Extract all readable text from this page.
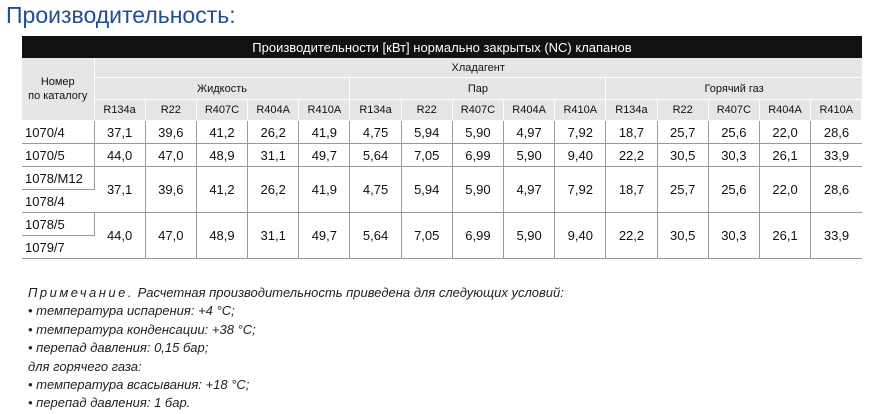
Производительность:
Производительности [кВт] нормально закрытых (NC) клапанов															
Номер
по каталогу	Хладагент														
	Жидкость					Пар					Горячий газ				
	R134a	R22	R407C	R404A	R410A	R134a	R22	R407C	R404A	R410A	R134a	R22	R407C	R404A	R410A
1070/4	37,1	39,6	41,2	26,2	41,9	4,75	5,94	5,90	4,97	7,92	18,7	25,7	25,6	22,0	28,6
1070/5	44,0	47,0	48,9	31,1	49,7	5,64	7,05	6,99	5,90	9,40	22,2	30,5	30,3	26,1	33,9
1078/M12	37,1	39,6	41,2	26,2	41,9	4,75	5,94	5,90	4,97	7,92	18,7	25,7	25,6	22,0	28,6
1078/4															
1078/5	44,0	47,0	48,9	31,1	49,7	5,64	7,05	6,99	5,90	9,40	22,2	30,5	30,3	26,1	33,9
1079/7															
Примечание. Расчетная производительность приведена для следующих условий:
• температура испарения: +4 °C;
• температура конденсации: +38 °C;
• перепад давления: 0,15 бар;
для горячего газа:
• температура всасывания: +18 °C;
• перепад давления: 1 бар.
